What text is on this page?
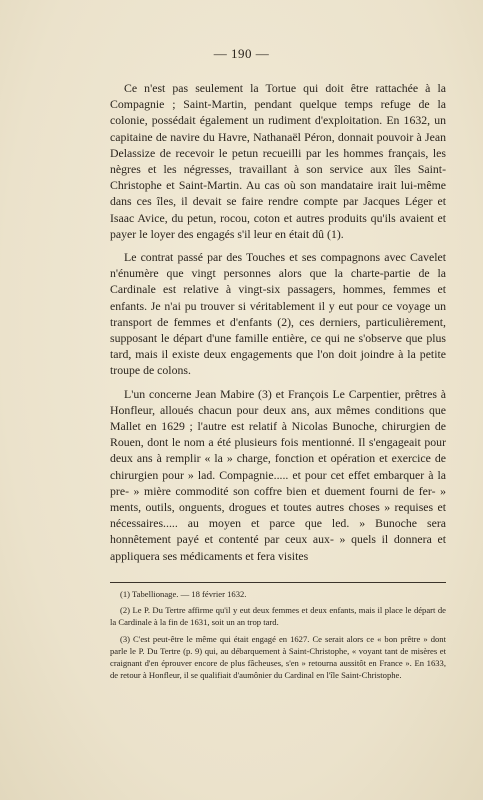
— 190 —

Ce n'est pas seulement la Tortue qui doit être rattachée à la Compagnie ; Saint-Martin, pendant quelque temps refuge de la colonie, possédait également un rudiment d'exploitation. En 1632, un capitaine de navire du Havre, Nathanaël Péron, donnait pouvoir à Jean Delassize de recevoir le petun recueilli par les hommes français, les nègres et les négresses, travaillant à son service aux îles Saint-Christophe et Saint-Martin. Au cas où son mandataire irait lui-même dans ces îles, il devait se faire rendre compte par Jacques Léger et Isaac Avice, du petun, rocou, coton et autres produits qu'ils avaient et payer le loyer des engagés s'il leur en était dû (1).

Le contrat passé par des Touches et ses compagnons avec Cavelet n'énumère que vingt personnes alors que la charte-partie de la Cardinale est relative à vingt-six passagers, hommes, femmes et enfants. Je n'ai pu trouver si véritablement il y eut pour ce voyage un transport de femmes et d'enfants (2), ces derniers, particulièrement, supposant le départ d'une famille entière, ce qui ne s'observe que plus tard, mais il existe deux engagements que l'on doit joindre à la petite troupe de colons.

L'un concerne Jean Mabire (3) et François Le Carpentier, prêtres à Honfleur, alloués chacun pour deux ans, aux mêmes conditions que Mallet en 1629 ; l'autre est relatif à Nicolas Bunoche, chirurgien de Rouen, dont le nom a été plusieurs fois mentionné. Il s'engageait pour deux ans à remplir « la » charge, fonction et opération et exercice de chirurgien pour » lad. Compagnie..... et pour cet effet embarquer à la pre- » mière commodité son coffre bien et duement fourni de fer- » ments, outils, onguents, drogues et toutes autres choses » requises et nécessaires..... au moyen et parce que led. » Bunoche sera honnêtement payé et contenté par ceux aux- » quels il donnera et appliquera ses médicaments et fera visites

(1) Tabellionage. — 18 février 1632.

(2) Le P. Du Tertre affirme qu'il y eut deux femmes et deux enfants, mais il place le départ de la Cardinale à la fin de 1631, soit un an trop tard.

(3) C'est peut-être le même qui était engagé en 1627. Ce serait alors ce « bon prêtre » dont parle le P. Du Tertre (p. 9) qui, au débarquement à Saint-Christophe, « voyant tant de misères et craignant d'en éprouver encore de plus fâcheuses, s'en » retourna aussitôt en France ». En 1633, de retour à Honfleur, il se qualifiait d'aumônier du Cardinal en l'île Saint-Christophe.
